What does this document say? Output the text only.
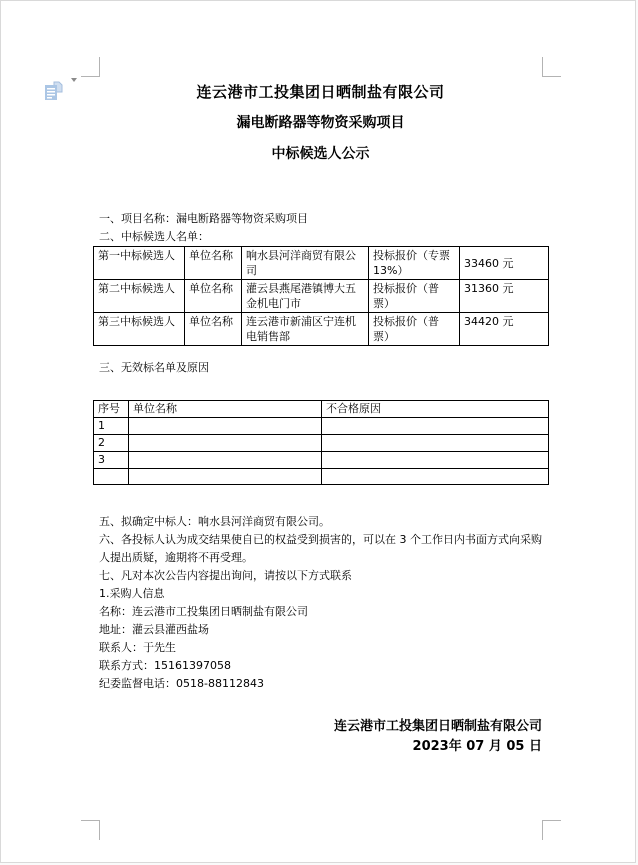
连云港市工投集团日晒制盐有限公司
漏电断路器等物资采购项目
中标候选人公示

一、项目名称：漏电断路器等物资采购项目

二、中标候选人名单：

第一中标候选人	单位名称	响水县河洋商贸有限公司	投标报价（专票13%）	33460 元
第二中标候选人	单位名称	灌云县燕尾港镇博大五金机电门市	投标报价（普票）	31360 元
第三中标候选人	单位名称	连云港市新浦区宁连机电销售部	投标报价（普票）	34420 元

三、无效标名单及原因

序号	单位名称	不合格原因
1		
2		
3		

五、拟确定中标人：响水县河洋商贸有限公司。

六、各投标人认为成交结果使自已的权益受到损害的，可以在 3 个工作日内书面方式向采购人提出质疑，逾期将不再受理。

七、凡对本次公告内容提出询问，请按以下方式联系

1.采购人信息

名称：连云港市工投集团日晒制盐有限公司

地址：灌云县灌西盐场

联系人：于先生

联系方式：15161397058

纪委监督电话：0518-88112843

连云港市工投集团日晒制盐有限公司

2023年 07 月 05 日
